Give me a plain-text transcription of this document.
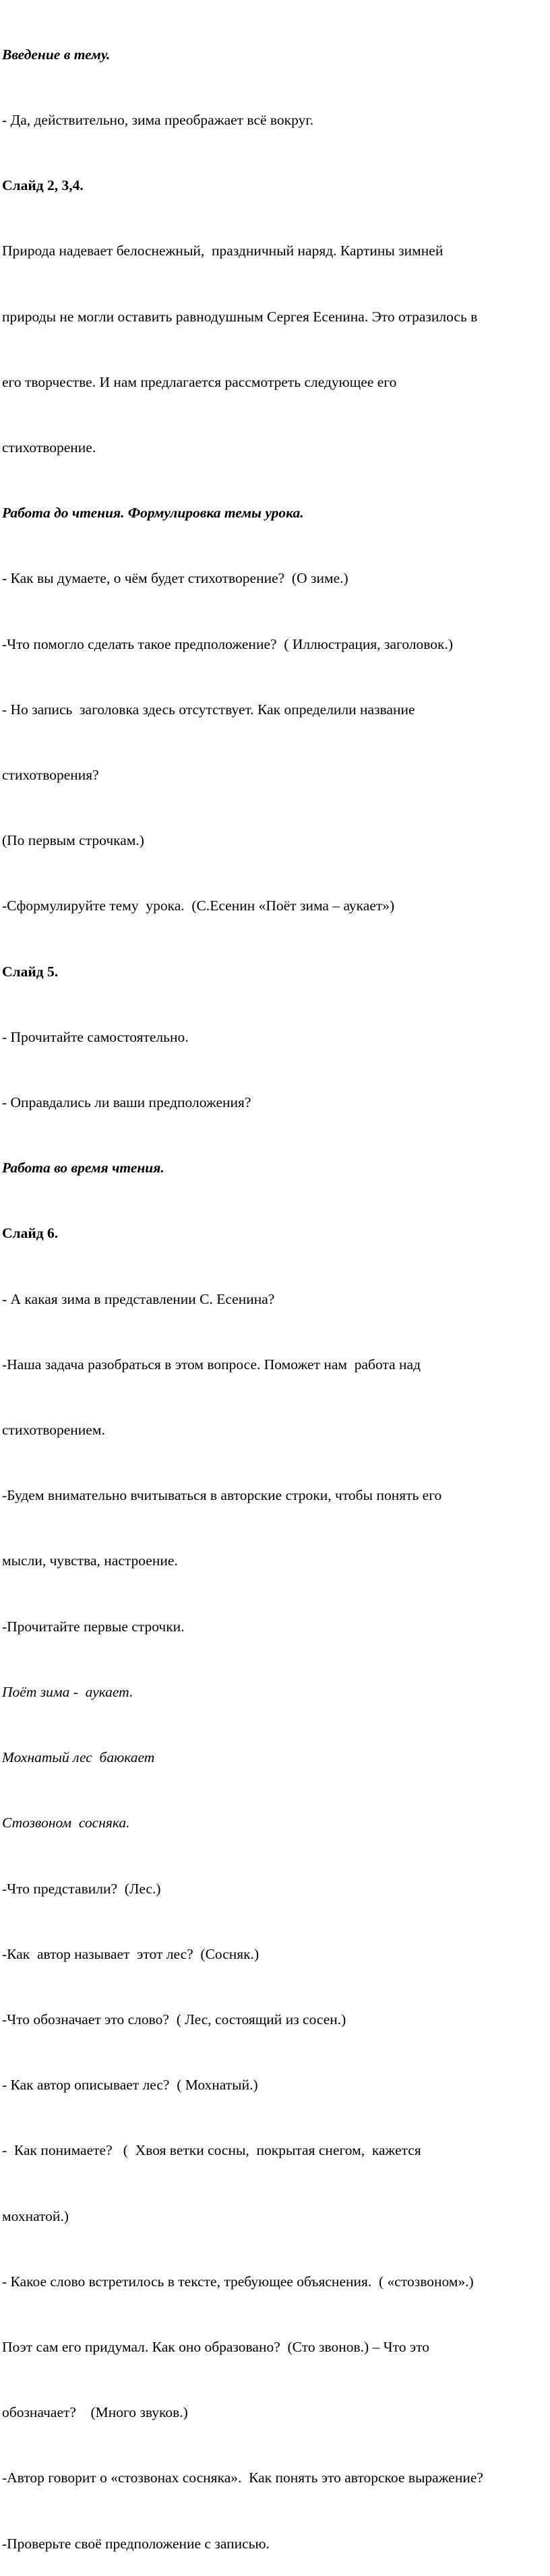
Введение в тему.

- Да, действительно, зима преображает всё вокруг.

Слайд 2, 3,4.

Природа надевает белоснежный,  праздничный наряд. Картины зимней

природы не могли оставить равнодушным Сергея Есенина. Это отразилось в

его творчестве. И нам предлагается рассмотреть следующее его

стихотворение.

Работа до чтения. Формулировка темы урока.

- Как вы думаете, о чём будет стихотворение?  (О зиме.)

-Что помогло сделать такое предположение?  ( Иллюстрация, заголовок.)

- Но запись  заголовка здесь отсутствует. Как определили название

стихотворения?

(По первым строчкам.)

-Сформулируйте тему  урока.  (С.Есенин «Поёт зима – аукает»)

Слайд 5.

- Прочитайте самостоятельно.

- Оправдались ли ваши предположения?

Работа во время чтения.

Слайд 6.

- А какая зима в представлении С. Есенина?

-Наша задача разобраться в этом вопросе. Поможет нам  работа над

стихотворением.

-Будем внимательно вчитываться в авторские строки, чтобы понять его

мысли, чувства, настроение.

-Прочитайте первые строчки.

Поёт зима -  аукает.

Мохнатый лес  баюкает

Стозвоном  сосняка.

-Что представили?  (Лес.)

-Как  автор называет  этот лес?  (Сосняк.)

-Что обозначает это слово?  ( Лес, состоящий из сосен.)

- Как автор описывает лес?  ( Мохнатый.)

-  Как понимаете?   (  Хвоя ветки сосны,  покрытая снегом,  кажется

мохнатой.)

- Какое слово встретилось в тексте, требующее объяснения.  ( «стозвоном».)

Поэт сам его придумал. Как оно образовано?  (Сто звонов.) – Что это

обозначает?    (Много звуков.)

-Автор говорит о «стозвонах сосняка».  Как понять это авторское выражение?

-Проверьте своё предположение с записью.
